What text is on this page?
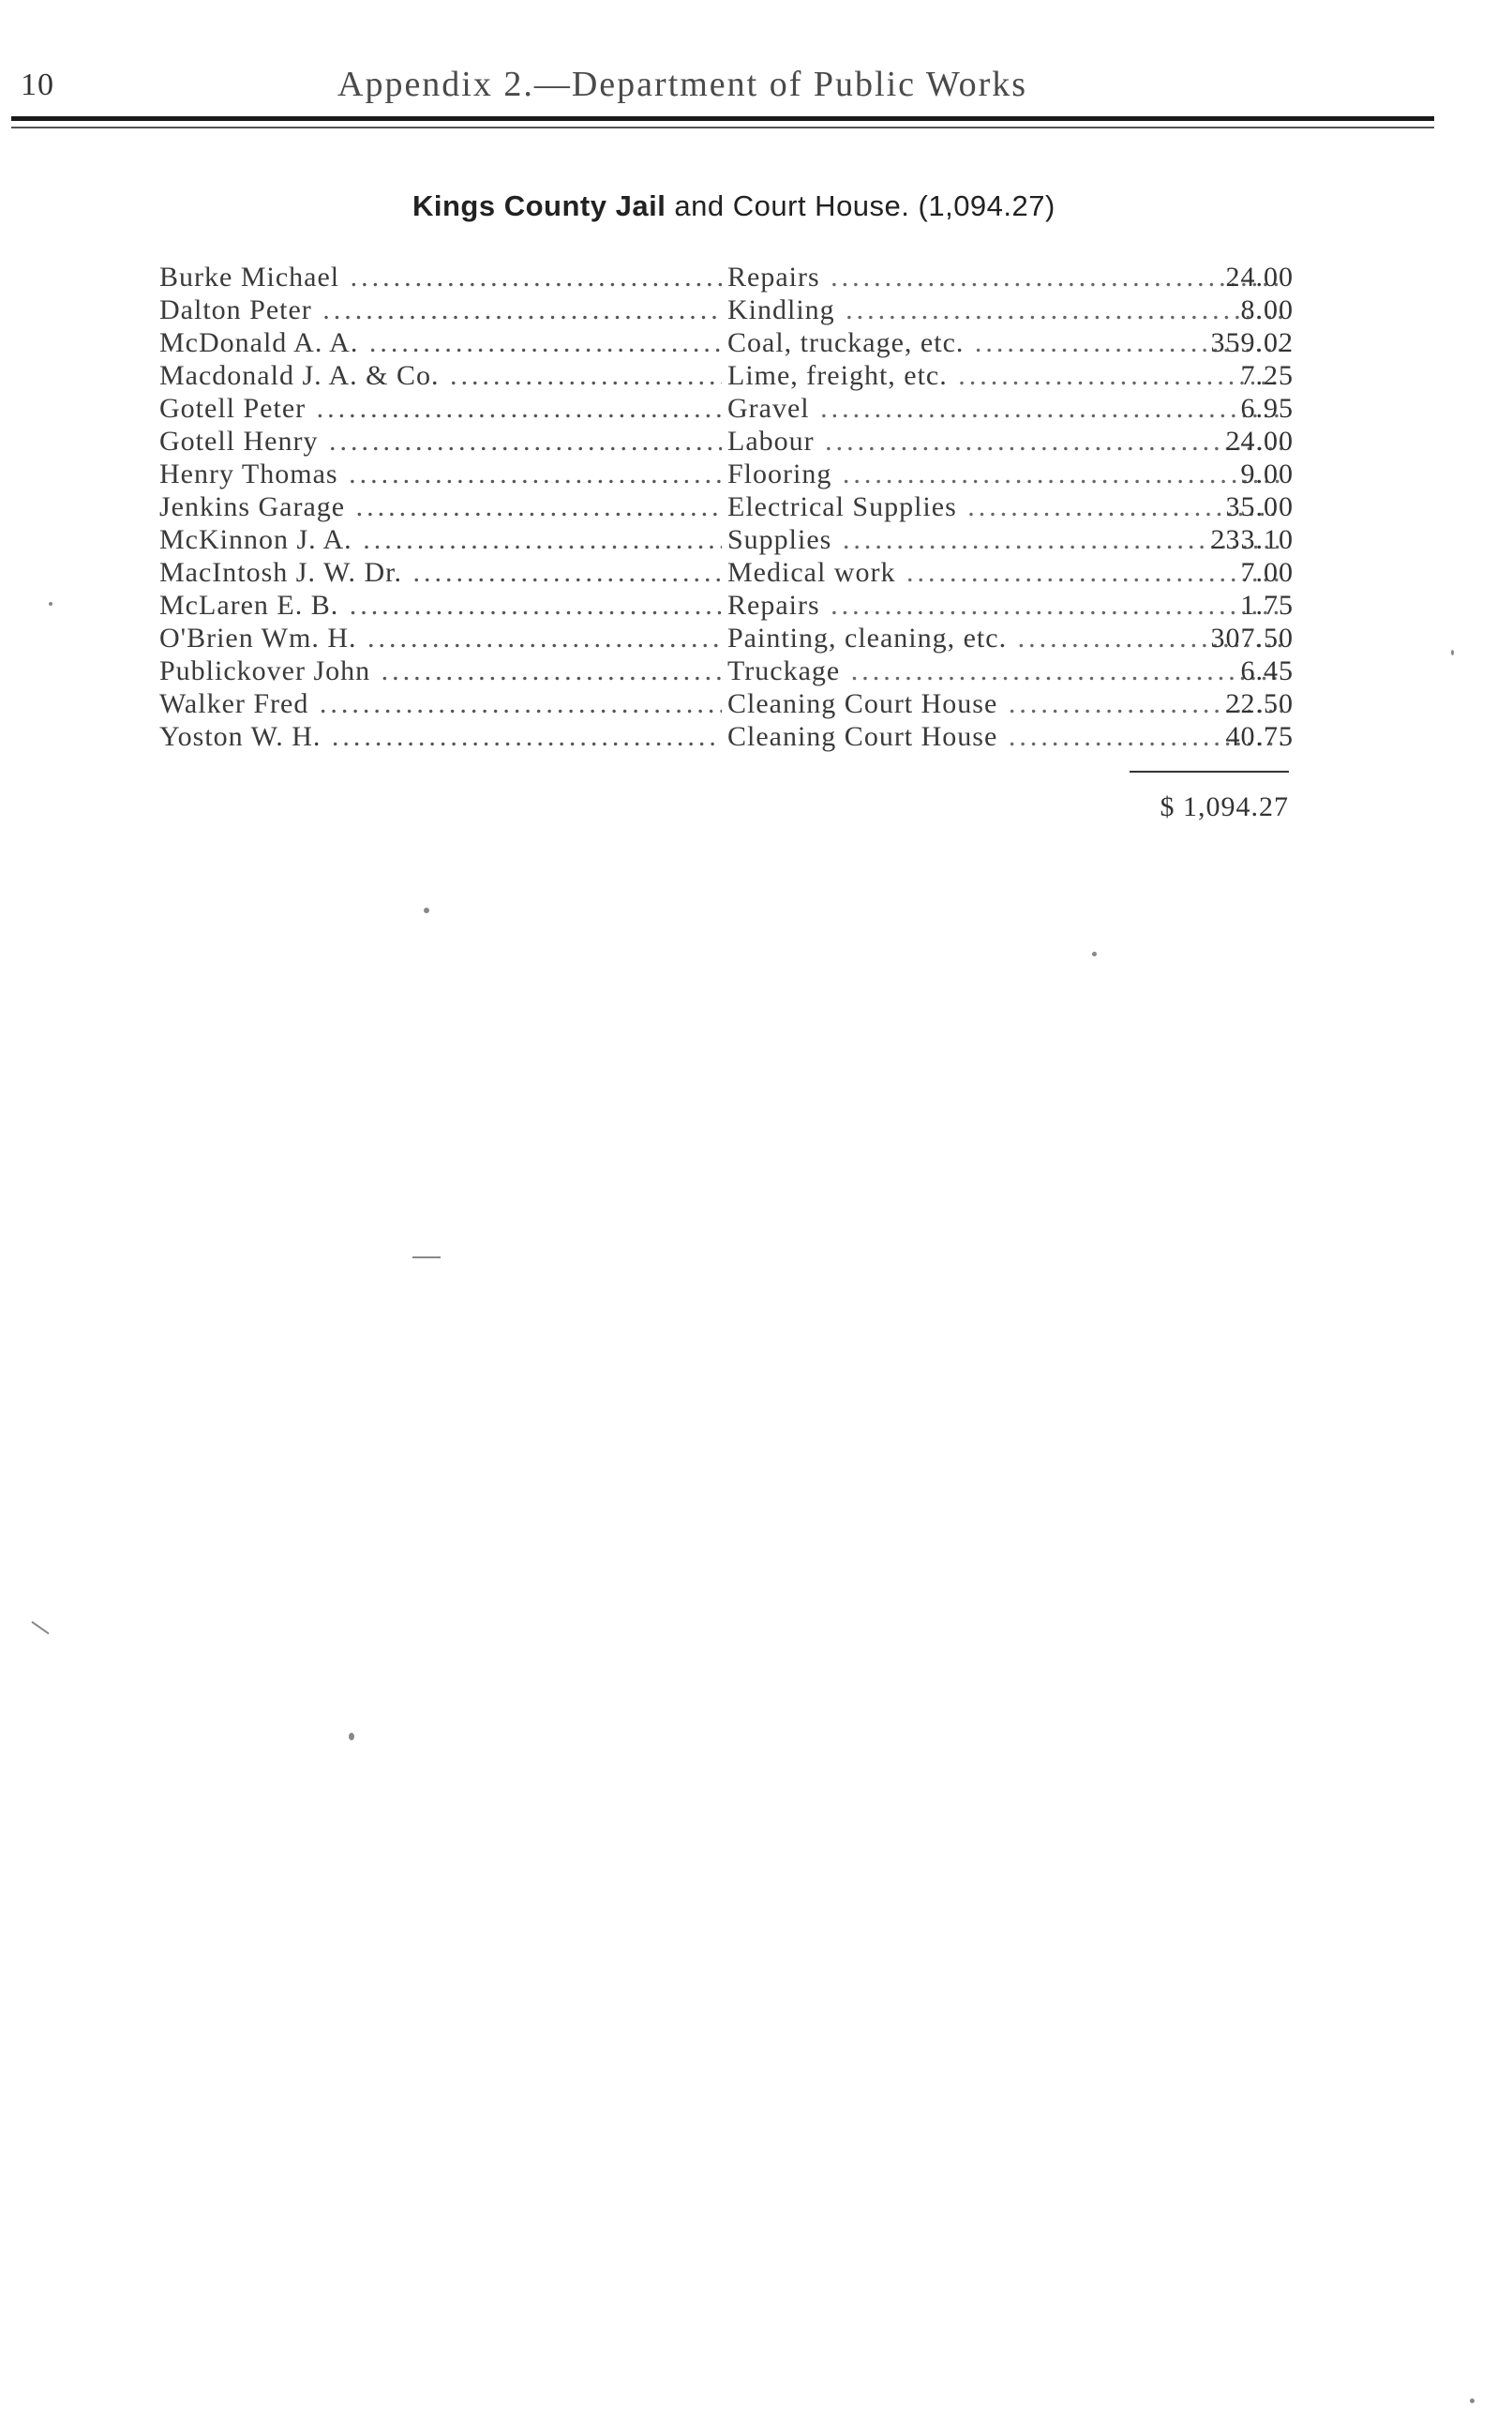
10	Appendix 2.—Department of Public Works
Kings County Jail and Court House. (1,094.27)
Burke Michael .....	Repairs .....	24.00
Dalton Peter .....	Kindling .....	8.00
McDonald A. A. .....	Coal, truckage, etc. .....	359.02
Macdonald J. A. & Co. .....	Lime, freight, etc. .....	7.25
Gotell Peter .....	Gravel .....	6.95
Gotell Henry .....	Labour .....	24.00
Henry Thomas .....	Flooring .....	9.00
Jenkins Garage .....	Electrical Supplies .....	35.00
McKinnon J. A. .....	Supplies .....	233.10
MacIntosh J. W. Dr. .....	Medical work .....	7.00
McLaren E. B. .....	Repairs .....	1.75
O'Brien Wm. H. .....	Painting, cleaning, etc. .....	307.50
Publickover John .....	Truckage .....	6.45
Walker Fred .....	Cleaning Court House .....	22.50
Yoston W. H. .....	Cleaning Court House .....	40.75
$ 1,094.27
